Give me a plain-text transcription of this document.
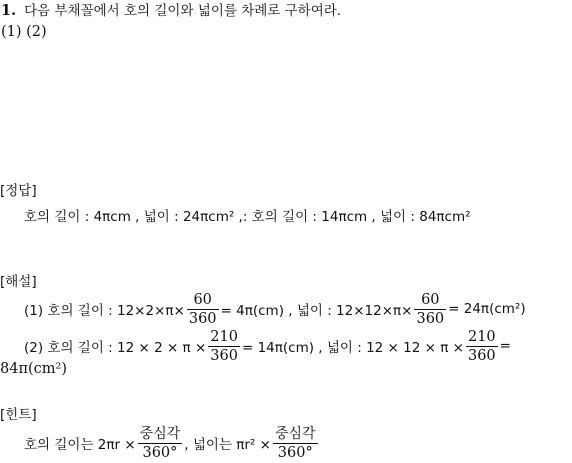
1. 다음 부채꼴에서 호의 길이와 넓이를 차례로 구하여라.
(1) (2)
[정답]
호의 길이 : 4πcm , 넓이 : 24πcm² ,: 호의 길이 : 14πcm , 넓이 : 84πcm²
[해설]
(1) 호의 길이 : $12\times 2\times\pi\times \frac{60}{360} = 4\pi(cm)$ , 넓이 : $12\times 12\times\pi\times \frac{60}{360} = 24\pi(cm^2)$
(2) 호의 길이 : $12 \times 2 \times \pi \times \frac{210}{360} = 14\pi(cm)$ , 넓이 : $12 \times 12 \times \pi \times \frac{210}{360}$ =
84π(cm²)
[힌트]
호의 길이는 $2\pi r \times \frac{\text{중심각}}{360^\circ}$ , 넓이는 $\pi r^2 \times \frac{\text{중심각}}{360^\circ}$
